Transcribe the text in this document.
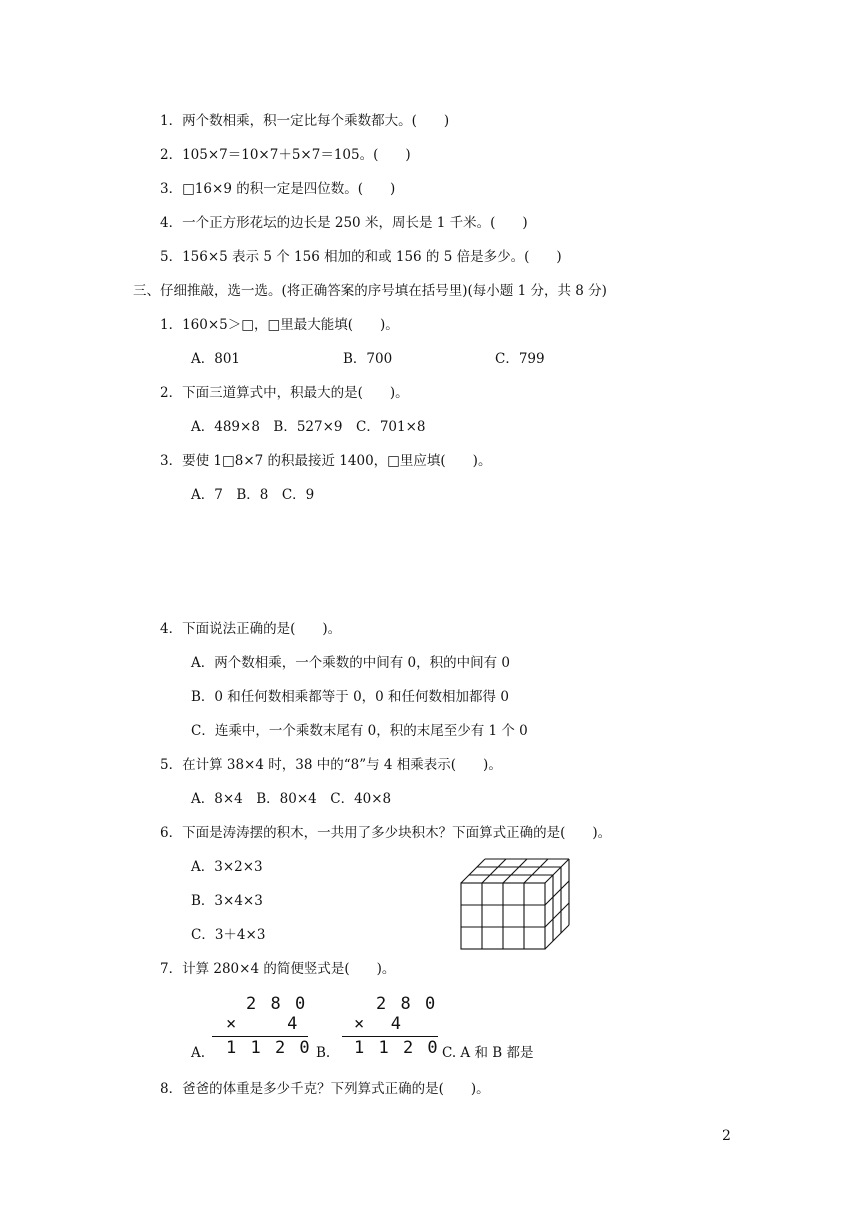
1．两个数相乘，积一定比每个乘数都大。(　　)
2．105×7＝10×7＋5×7＝105。(　　)
3．□16×9 的积一定是四位数。(　　)
4．一个正方形花坛的边长是 250 米，周长是 1 千米。(　　)
5．156×5 表示 5 个 156 相加的和或 156 的 5 倍是多少。(　　)
三、仔细推敲，选一选。(将正确答案的序号填在括号里)(每小题 1 分，共 8 分)
1．160×5＞□，□里最大能填(　　)。
A．801	B．700	C．799
2．下面三道算式中，积最大的是(　　)。
A．489×8　B．527×9　C．701×8
3．要使 1□8×7 的积最接近 1400，□里应填(　　)。
A．7　B．8　C．9
4．下面说法正确的是(　　)。
A．两个数相乘，一个乘数的中间有 0，积的中间有 0
B．0 和任何数相乘都等于 0，0 和任何数相加都得 0
C．连乘中，一个乘数末尾有 0，积的末尾至少有 1 个 0
5．在计算 38×4 时，38 中的“8”与 4 相乘表示(　　)。
A．8×4　B．80×4　C．40×8
6．下面是涛涛摆的积木，一共用了多少块积木？下面算式正确的是(　　)。
A．3×2×3
B．3×4×3
C．3＋4×3
7．计算 280×4 的简便竖式是(　　)。
2 8 0
×    4
A. 1 1 2 0 B.
2 8 0
×  4
1 1 2 0 C. A 和 B 都是
8．爸爸的体重是多少千克？下列算式正确的是(　　)。
2
